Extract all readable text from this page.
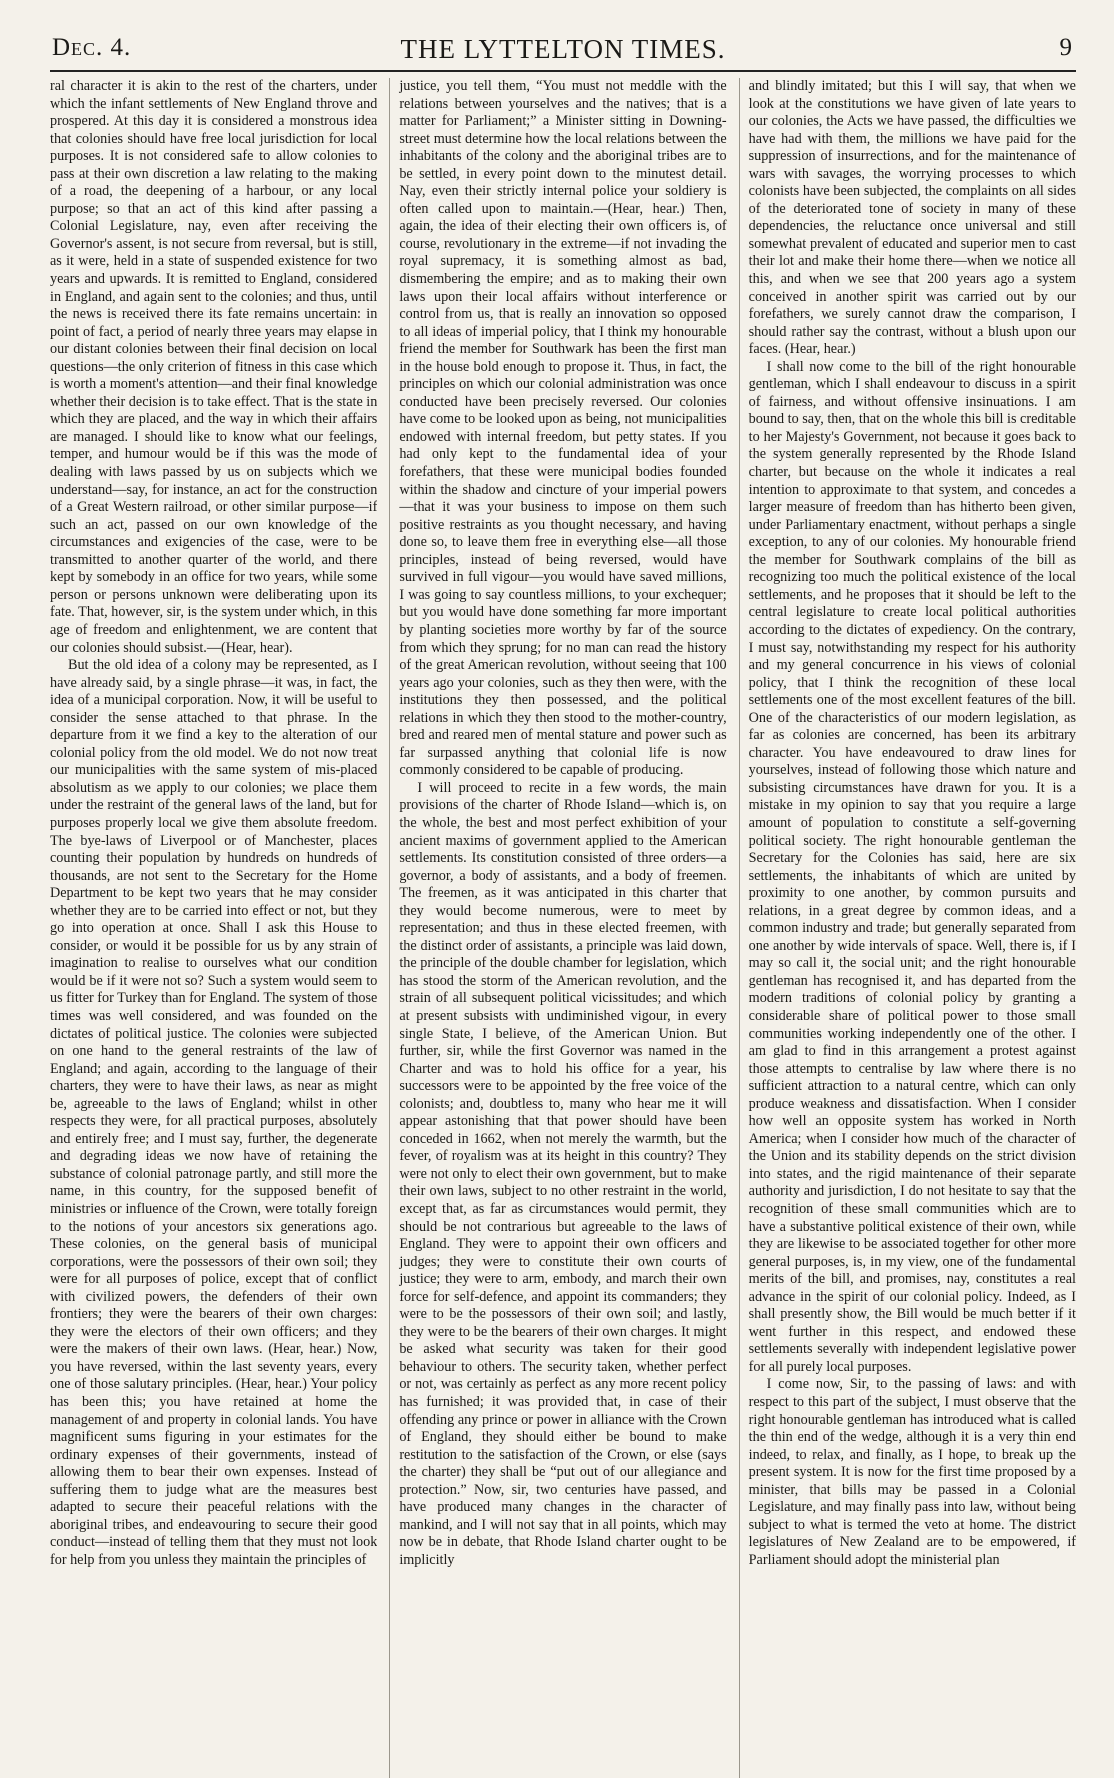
Dec. 4.	THE LYTTELTON TIMES.	9

ral character it is akin to the rest of the charters, under which the infant settlements of New England throve and prospered. At this day it is considered a monstrous idea that colonies should have free local jurisdiction for local purposes. It is not considered safe to allow colonies to pass at their own discretion a law relating to the making of a road, the deepening of a harbour, or any local purpose; so that an act of this kind after passing a Colonial Legislature, nay, even after receiving the Governor's assent, is not secure from reversal, but is still, as it were, held in a state of suspended existence for two years and upwards. It is remitted to England, considered in England, and again sent to the colonies; and thus, until the news is received there its fate remains uncertain: in point of fact, a period of nearly three years may elapse in our distant colonies between their final decision on local questions—the only criterion of fitness in this case which is worth a moment's attention—and their final knowledge whether their decision is to take effect. That is the state in which they are placed, and the way in which their affairs are managed. I should like to know what our feelings, temper, and humour would be if this was the mode of dealing with laws passed by us on subjects which we understand—say, for instance, an act for the construction of a Great Western railroad, or other similar purpose—if such an act, passed on our own knowledge of the circumstances and exigencies of the case, were to be transmitted to another quarter of the world, and there kept by somebody in an office for two years, while some person or persons unknown were deliberating upon its fate. That, however, sir, is the system under which, in this age of freedom and enlightenment, we are content that our colonies should subsist.—(Hear, hear).

But the old idea of a colony may be represented, as I have already said, by a single phrase—it was, in fact, the idea of a municipal corporation. Now, it will be useful to consider the sense attached to that phrase. In the departure from it we find a key to the alteration of our colonial policy from the old model. We do not now treat our municipalities with the same system of mis-placed absolutism as we apply to our colonies; we place them under the restraint of the general laws of the land, but for purposes properly local we give them absolute freedom. The bye-laws of Liverpool or of Manchester, places counting their population by hundreds on hundreds of thousands, are not sent to the Secretary for the Home Department to be kept two years that he may consider whether they are to be carried into effect or not, but they go into operation at once. Shall I ask this House to consider, or would it be possible for us by any strain of imagination to realise to ourselves what our condition would be if it were not so? Such a system would seem to us fitter for Turkey than for England. The system of those times was well considered, and was founded on the dictates of political justice. The colonies were subjected on one hand to the general restraints of the law of England; and again, according to the language of their charters, they were to have their laws, as near as might be, agreeable to the laws of England; whilst in other respects they were, for all practical purposes, absolutely and entirely free; and I must say, further, the degenerate and degrading ideas we now have of retaining the substance of colonial patronage partly, and still more the name, in this country, for the supposed benefit of ministries or influence of the Crown, were totally foreign to the notions of your ancestors six generations ago. These colonies, on the general basis of municipal corporations, were the possessors of their own soil; they were for all purposes of police, except that of conflict with civilized powers, the defenders of their own frontiers; they were the bearers of their own charges: they were the electors of their own officers; and they were the makers of their own laws. (Hear, hear.) Now, you have reversed, within the last seventy years, every one of those salutary principles. (Hear, hear.) Your policy has been this; you have retained at home the management of and property in colonial lands. You have magnificent sums figuring in your estimates for the ordinary expenses of their governments, instead of allowing them to bear their own expenses. Instead of suffering them to judge what are the measures best adapted to secure their peaceful relations with the aboriginal tribes, and endeavouring to secure their good conduct—instead of telling them that they must not look for help from you unless they maintain the principles of

justice, you tell them, “You must not meddle with the relations between yourselves and the natives; that is a matter for Parliament;” a Minister sitting in Downing-street must determine how the local relations between the inhabitants of the colony and the aboriginal tribes are to be settled, in every point down to the minutest detail. Nay, even their strictly internal police your soldiery is often called upon to maintain.—(Hear, hear.) Then, again, the idea of their electing their own officers is, of course, revolutionary in the extreme—if not invading the royal supremacy, it is something almost as bad, dismembering the empire; and as to making their own laws upon their local affairs without interference or control from us, that is really an innovation so opposed to all ideas of imperial policy, that I think my honourable friend the member for Southwark has been the first man in the house bold enough to propose it. Thus, in fact, the principles on which our colonial administration was once conducted have been precisely reversed. Our colonies have come to be looked upon as being, not municipalities endowed with internal freedom, but petty states. If you had only kept to the fundamental idea of your forefathers, that these were municipal bodies founded within the shadow and cincture of your imperial powers—that it was your business to impose on them such positive restraints as you thought necessary, and having done so, to leave them free in everything else—all those principles, instead of being reversed, would have survived in full vigour—you would have saved millions, I was going to say countless millions, to your exchequer; but you would have done something far more important by planting societies more worthy by far of the source from which they sprung; for no man can read the history of the great American revolution, without seeing that 100 years ago your colonies, such as they then were, with the institutions they then possessed, and the political relations in which they then stood to the mother-country, bred and reared men of mental stature and power such as far surpassed anything that colonial life is now commonly considered to be capable of producing.

I will proceed to recite in a few words, the main provisions of the charter of Rhode Island—which is, on the whole, the best and most perfect exhibition of your ancient maxims of government applied to the American settlements. Its constitution consisted of three orders—a governor, a body of assistants, and a body of freemen. The freemen, as it was anticipated in this charter that they would become numerous, were to meet by representation; and thus in these elected freemen, with the distinct order of assistants, a principle was laid down, the principle of the double chamber for legislation, which has stood the storm of the American revolution, and the strain of all subsequent political vicissitudes; and which at present subsists with undiminished vigour, in every single State, I believe, of the American Union. But further, sir, while the first Governor was named in the Charter and was to hold his office for a year, his successors were to be appointed by the free voice of the colonists; and, doubtless to, many who hear me it will appear astonishing that that power should have been conceded in 1662, when not merely the warmth, but the fever, of royalism was at its height in this country? They were not only to elect their own government, but to make their own laws, subject to no other restraint in the world, except that, as far as circumstances would permit, they should be not contrarious but agreeable to the laws of England. They were to appoint their own officers and judges; they were to constitute their own courts of justice; they were to arm, embody, and march their own force for self-defence, and appoint its commanders; they were to be the possessors of their own soil; and lastly, they were to be the bearers of their own charges. It might be asked what security was taken for their good behaviour to others. The security taken, whether perfect or not, was certainly as perfect as any more recent policy has furnished; it was provided that, in case of their offending any prince or power in alliance with the Crown of England, they should either be bound to make restitution to the satisfaction of the Crown, or else (says the charter) they shall be “put out of our allegiance and protection.” Now, sir, two centuries have passed, and have produced many changes in the character of mankind, and I will not say that in all points, which may now be in debate, that Rhode Island charter ought to be implicitly

and blindly imitated; but this I will say, that when we look at the constitutions we have given of late years to our colonies, the Acts we have passed, the difficulties we have had with them, the millions we have paid for the suppression of insurrections, and for the maintenance of wars with savages, the worrying processes to which colonists have been subjected, the complaints on all sides of the deteriorated tone of society in many of these dependencies, the reluctance once universal and still somewhat prevalent of educated and superior men to cast their lot and make their home there—when we notice all this, and when we see that 200 years ago a system conceived in another spirit was carried out by our forefathers, we surely cannot draw the comparison, I should rather say the contrast, without a blush upon our faces. (Hear, hear.)

I shall now come to the bill of the right honourable gentleman, which I shall endeavour to discuss in a spirit of fairness, and without offensive insinuations. I am bound to say, then, that on the whole this bill is creditable to her Majesty's Government, not because it goes back to the system generally represented by the Rhode Island charter, but because on the whole it indicates a real intention to approximate to that system, and concedes a larger measure of freedom than has hitherto been given, under Parliamentary enactment, without perhaps a single exception, to any of our colonies. My honourable friend the member for Southwark complains of the bill as recognizing too much the political existence of the local settlements, and he proposes that it should be left to the central legislature to create local political authorities according to the dictates of expediency. On the contrary, I must say, notwithstanding my respect for his authority and my general concurrence in his views of colonial policy, that I think the recognition of these local settlements one of the most excellent features of the bill. One of the characteristics of our modern legislation, as far as colonies are concerned, has been its arbitrary character. You have endeavoured to draw lines for yourselves, instead of following those which nature and subsisting circumstances have drawn for you. It is a mistake in my opinion to say that you require a large amount of population to constitute a self-governing political society. The right honourable gentleman the Secretary for the Colonies has said, here are six settlements, the inhabitants of which are united by proximity to one another, by common pursuits and relations, in a great degree by common ideas, and a common industry and trade; but generally separated from one another by wide intervals of space. Well, there is, if I may so call it, the social unit; and the right honourable gentleman has recognised it, and has departed from the modern traditions of colonial policy by granting a considerable share of political power to those small communities working independently one of the other. I am glad to find in this arrangement a protest against those attempts to centralise by law where there is no sufficient attraction to a natural centre, which can only produce weakness and dissatisfaction. When I consider how well an opposite system has worked in North America; when I consider how much of the character of the Union and its stability depends on the strict division into states, and the rigid maintenance of their separate authority and jurisdiction, I do not hesitate to say that the recognition of these small communities which are to have a substantive political existence of their own, while they are likewise to be associated together for other more general purposes, is, in my view, one of the fundamental merits of the bill, and promises, nay, constitutes a real advance in the spirit of our colonial policy. Indeed, as I shall presently show, the Bill would be much better if it went further in this respect, and endowed these settlements severally with independent legislative power for all purely local purposes.

I come now, Sir, to the passing of laws: and with respect to this part of the subject, I must observe that the right honourable gentleman has introduced what is called the thin end of the wedge, although it is a very thin end indeed, to relax, and finally, as I hope, to break up the present system. It is now for the first time proposed by a minister, that bills may be passed in a Colonial Legislature, and may finally pass into law, without being subject to what is termed the veto at home. The district legislatures of New Zealand are to be empowered, if Parliament should adopt the ministerial plan
